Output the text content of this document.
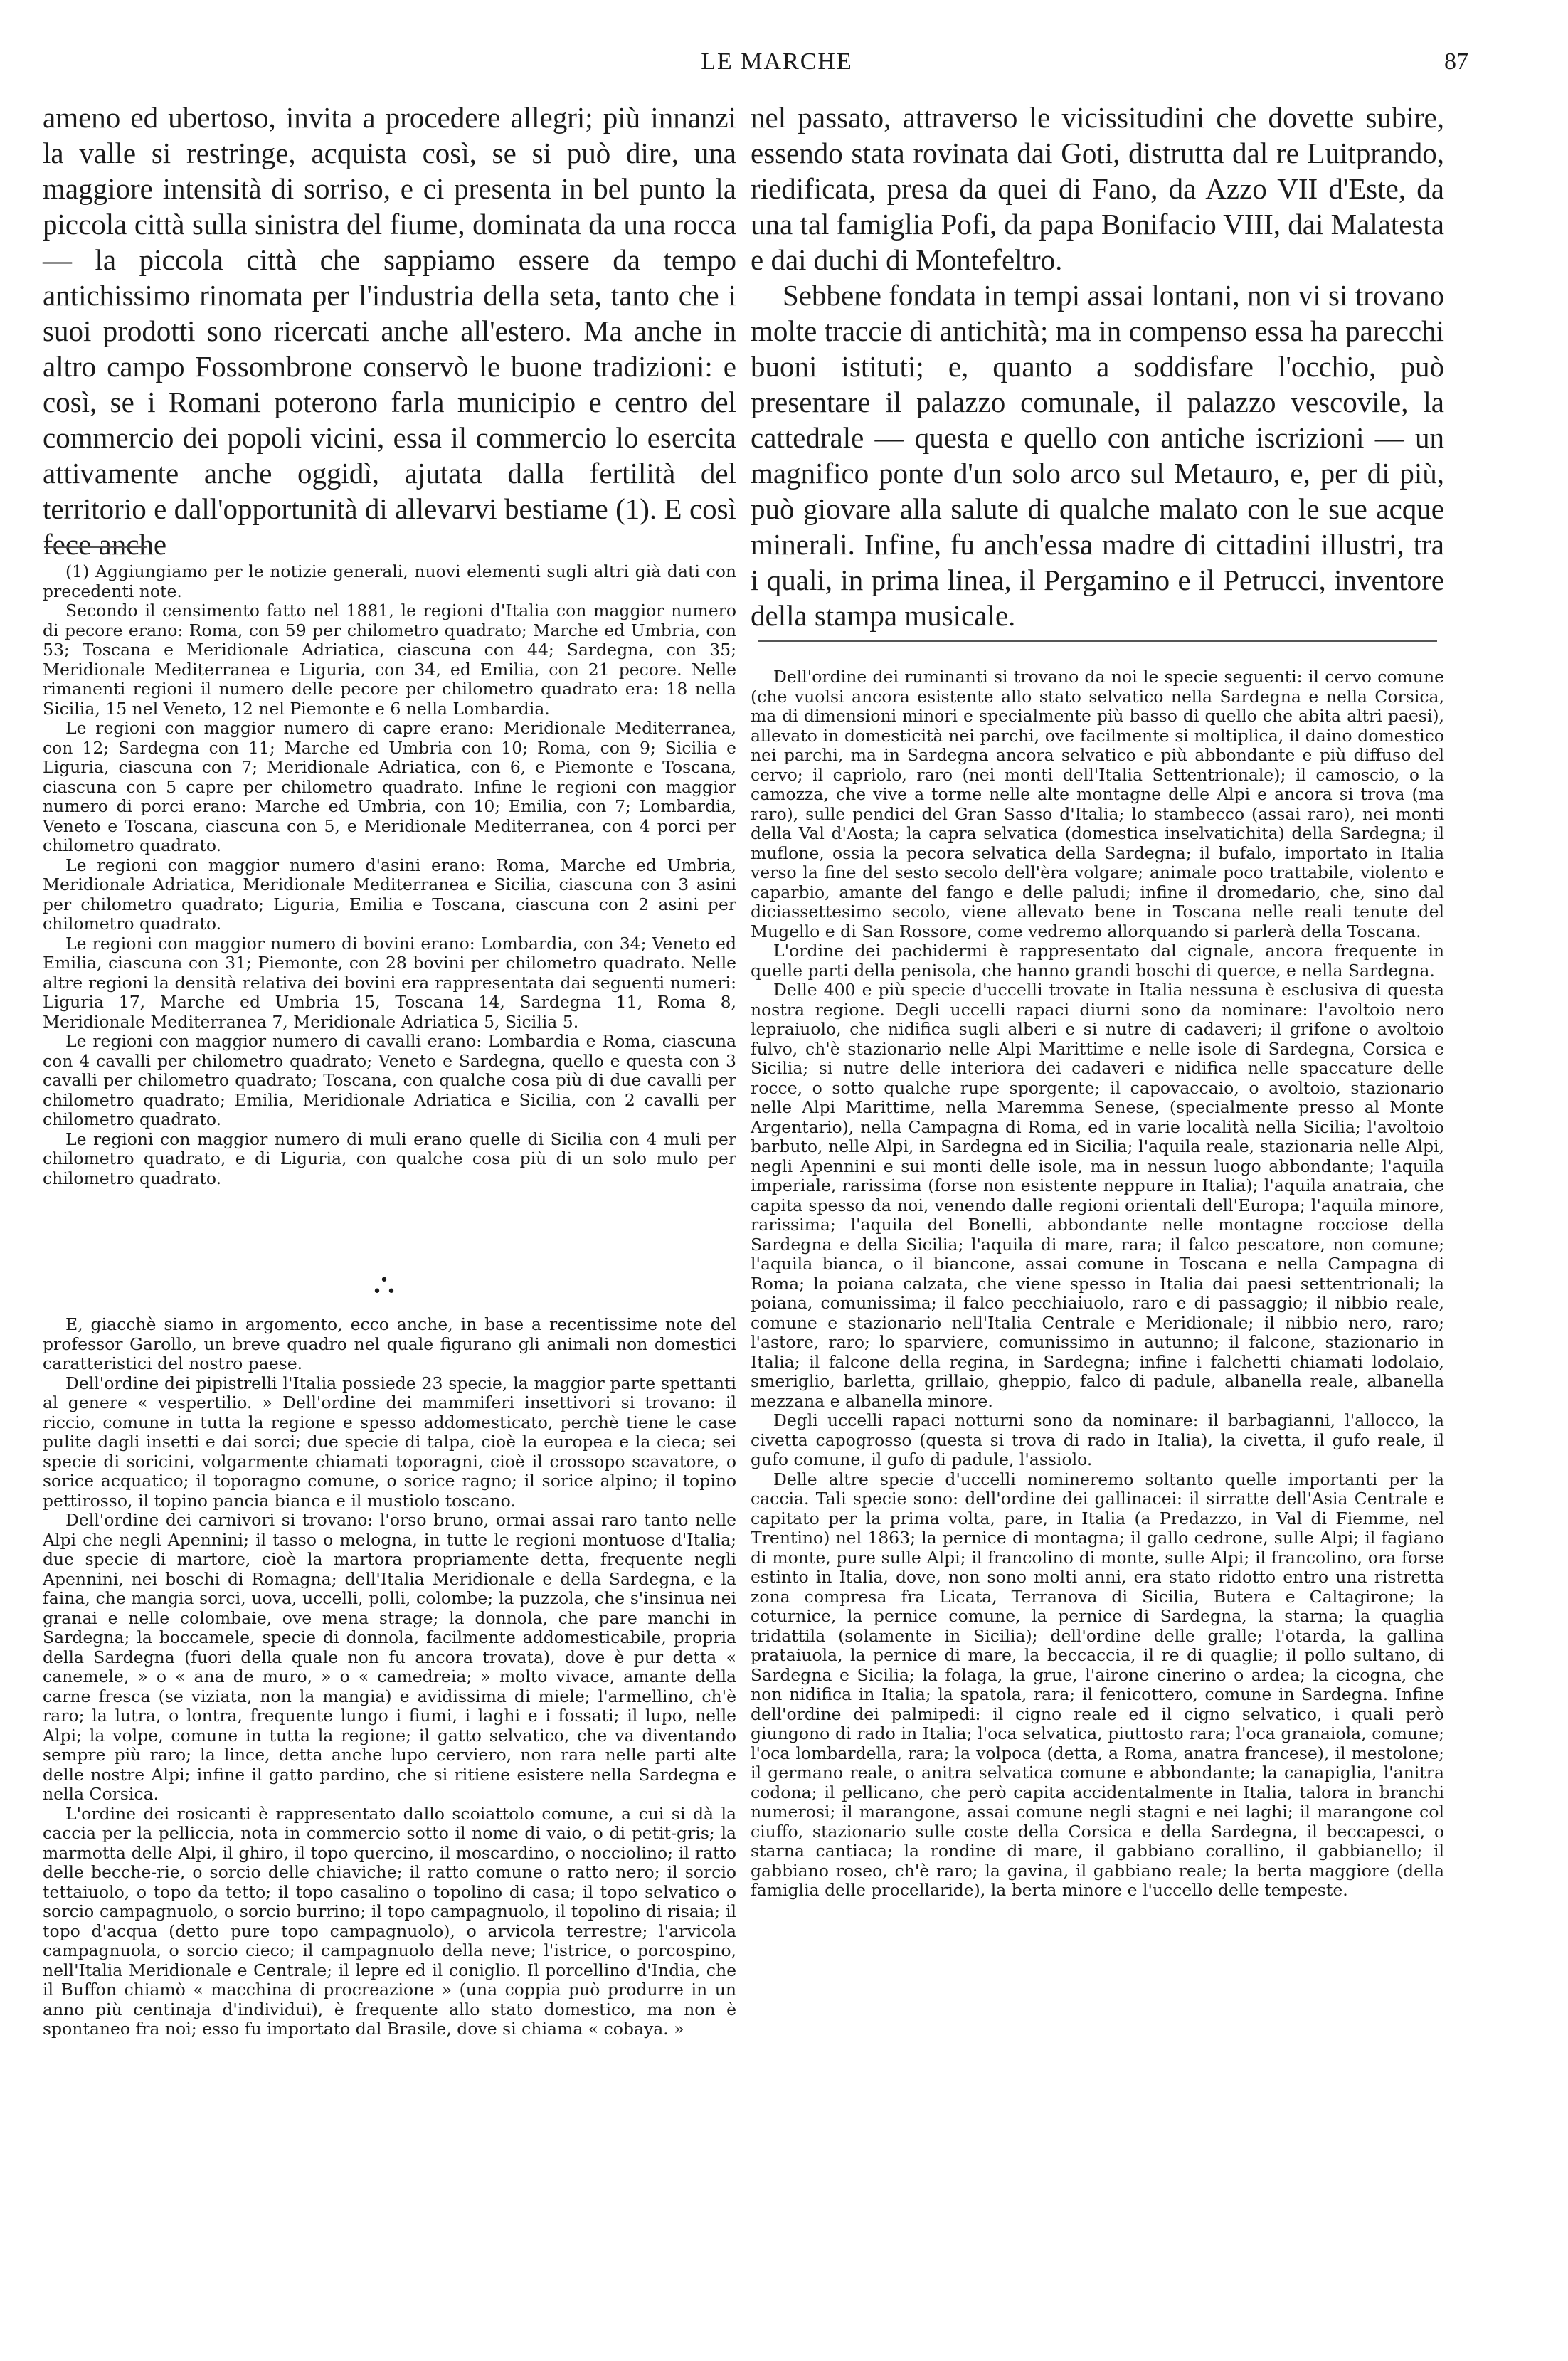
LE MARCHE	87

ameno ed ubertoso, invita a procedere allegri; più innanzi la valle si restringe, acquista così, se si può dire, una maggiore intensità di sorriso, e ci presenta in bel punto la piccola città sulla sinistra del fiume, dominata da una rocca — la piccola città che sappiamo essere da tempo antichissimo rinomata per l'industria della seta, tanto che i suoi prodotti sono ricercati anche all'estero. Ma anche in altro campo Fossombrone conservò le buone tradizioni: e così, se i Romani poterono farla municipio e centro del commercio dei popoli vicini, essa il commercio lo esercita attivamente anche oggidì, ajutata dalla fertilità del territorio e dall'opportunità di allevarvi bestiame (1). E così fece anche

(1) Aggiungiamo per le notizie generali, nuovi elementi sugli altri già dati con precedenti note.

Secondo il censimento fatto nel 1881, le regioni d'Italia con maggior numero di pecore erano: Roma, con 59 per chilometro quadrato; Marche ed Umbria, con 53; Toscana e Meridionale Adriatica, ciascuna con 44; Sardegna, con 35; Meridionale Mediterranea e Liguria, con 34, ed Emilia, con 21 pecore. Nelle rimanenti regioni il numero delle pecore per chilometro quadrato era: 18 nella Sicilia, 15 nel Veneto, 12 nel Piemonte e 6 nella Lombardia.

Le regioni con maggior numero di capre erano: Meridionale Mediterranea, con 12; Sardegna con 11; Marche ed Umbria con 10; Roma, con 9; Sicilia e Liguria, ciascuna con 7; Meridionale Adriatica, con 6, e Piemonte e Toscana, ciascuna con 5 capre per chilometro quadrato. Infine le regioni con maggior numero di porci erano: Marche ed Umbria, con 10; Emilia, con 7; Lombardia, Veneto e Toscana, ciascuna con 5, e Meridionale Mediterranea, con 4 porci per chilometro quadrato.

Le regioni con maggior numero d'asini erano: Roma, Marche ed Umbria, Meridionale Adriatica, Meridionale Mediterranea e Sicilia, ciascuna con 3 asini per chilometro quadrato; Liguria, Emilia e Toscana, ciascuna con 2 asini per chilometro quadrato.

Le regioni con maggior numero di bovini erano: Lombardia, con 34; Veneto ed Emilia, ciascuna con 31; Piemonte, con 28 bovini per chilometro quadrato. Nelle altre regioni la densità relativa dei bovini era rappresentata dai seguenti numeri: Liguria 17, Marche ed Umbria 15, Toscana 14, Sardegna 11, Roma 8, Meridionale Mediterranea 7, Meridionale Adriatica 5, Sicilia 5.

Le regioni con maggior numero di cavalli erano: Lombardia e Roma, ciascuna con 4 cavalli per chilometro quadrato; Veneto e Sardegna, quello e questa con 3 cavalli per chilometro quadrato; Toscana, con qualche cosa più di due cavalli per chilometro quadrato; Emilia, Meridionale Adriatica e Sicilia, con 2 cavalli per chilometro quadrato.

Le regioni con maggior numero di muli erano quelle di Sicilia con 4 muli per chilometro quadrato, e di Liguria, con qualche cosa più di un solo mulo per chilometro quadrato.

•
• •

E, giacchè siamo in argomento, ecco anche, in base a recentissime note del professor Garollo, un breve quadro nel quale figurano gli animali non domestici caratteristici del nostro paese.

Dell'ordine dei pipistrelli l'Italia possiede 23 specie, la maggior parte spettanti al genere « vespertilio. » Dell'ordine dei mammiferi insettivori si trovano: il riccio, comune in tutta la regione e spesso addomesticato, perchè tiene le case pulite dagli insetti e dai sorci; due specie di talpa, cioè la europea e la cieca; sei specie di soricini, volgarmente chiamati toporagni, cioè il crossopo scavatore, o sorice acquatico; il toporagno comune, o sorice ragno; il sorice alpino; il topino pettirosso, il topino pancia bianca e il mustiolo toscano.

Dell'ordine dei carnivori si trovano: l'orso bruno, ormai assai raro tanto nelle Alpi che negli Apennini; il tasso o melogna, in tutte le regioni montuose d'Italia; due specie di martore, cioè la martora propriamente detta, frequente negli Apennini, nei boschi di Romagna; dell'Italia Meridionale e della Sardegna, e la faina, che mangia sorci, uova, uccelli, polli, colombe; la puzzola, che s'insinua nei granai e nelle colombaie, ove mena strage; la donnola, che pare manchi in Sardegna; la boccamele, specie di donnola, facilmente addomesticabile, propria della Sardegna (fuori della quale non fu ancora trovata), dove è pur detta « canemele, » o « ana de muro, » o « camedreia; » molto vivace, amante della carne fresca (se viziata, non la mangia) e avidissima di miele; l'armellino, ch'è raro; la lutra, o lontra, frequente lungo i fiumi, i laghi e i fossati; il lupo, nelle Alpi; la volpe, comune in tutta la regione; il gatto selvatico, che va diventando sempre più raro; la lince, detta anche lupo cerviero, non rara nelle parti alte delle nostre Alpi; infine il gatto pardino, che si ritiene esistere nella Sardegna e nella Corsica.

L'ordine dei rosicanti è rappresentato dallo scoiattolo comune, a cui si dà la caccia per la pelliccia, nota in commercio sotto il nome di vaio, o di petit-gris; la marmotta delle Alpi, il ghiro, il topo quercino, il moscardino, o nocciolino; il ratto delle becche-rie, o sorcio delle chiaviche; il ratto comune o ratto nero; il sorcio tettaiuolo, o topo da tetto; il topo casalino o topolino di casa; il topo selvatico o sorcio campagnuolo, o sorcio burrino; il topo campagnuolo, il topolino di risaia; il topo d'acqua (detto pure topo campagnuolo), o arvicola terrestre; l'arvicola campagnuola, o sorcio cieco; il campagnuolo della neve; l'istrice, o porcospino, nell'Italia Meridionale e Centrale; il lepre ed il coniglio. Il porcellino d'India, che il Buffon chiamò « macchina di procreazione » (una coppia può produrre in un anno più centinaja d'individui), è frequente allo stato domestico, ma non è spontaneo fra noi; esso fu importato dal Brasile, dove si chiama « cobaya. »

nel passato, attraverso le vicissitudini che dovette subire, essendo stata rovinata dai Goti, distrutta dal re Luitprando, riedificata, presa da quei di Fano, da Azzo VII d'Este, da una tal famiglia Pofi, da papa Bonifacio VIII, dai Malatesta e dai duchi di Montefeltro.

Sebbene fondata in tempi assai lontani, non vi si trovano molte traccie di antichità; ma in compenso essa ha parecchi buoni istituti; e, quanto a soddisfare l'occhio, può presentare il palazzo comunale, il palazzo vescovile, la cattedrale — questa e quello con antiche iscrizioni — un magnifico ponte d'un solo arco sul Metauro, e, per di più, può giovare alla salute di qualche malato con le sue acque minerali. Infine, fu anch'essa madre di cittadini illustri, tra i quali, in prima linea, il Pergamino e il Petrucci, inventore della stampa musicale.

Dell'ordine dei ruminanti si trovano da noi le specie seguenti: il cervo comune (che vuolsi ancora esistente allo stato selvatico nella Sardegna e nella Corsica, ma di dimensioni minori e specialmente più basso di quello che abita altri paesi), allevato in domesticità nei parchi, ove facilmente si moltiplica, il daino domestico nei parchi, ma in Sardegna ancora selvatico e più abbondante e più diffuso del cervo; il capriolo, raro (nei monti dell'Italia Settentrionale); il camoscio, o la camozza, che vive a torme nelle alte montagne delle Alpi e ancora si trova (ma raro), sulle pendici del Gran Sasso d'Italia; lo stambecco (assai raro), nei monti della Val d'Aosta; la capra selvatica (domestica inselvatichita) della Sardegna; il muflone, ossia la pecora selvatica della Sardegna; il bufalo, importato in Italia verso la fine del sesto secolo dell'èra volgare; animale poco trattabile, violento e caparbio, amante del fango e delle paludi; infine il dromedario, che, sino dal diciassettesimo secolo, viene allevato bene in Toscana nelle reali tenute del Mugello e di San Rossore, come vedremo allorquando si parlerà della Toscana.

L'ordine dei pachidermi è rappresentato dal cignale, ancora frequente in quelle parti della penisola, che hanno grandi boschi di querce, e nella Sardegna.

Delle 400 e più specie d'uccelli trovate in Italia nessuna è esclusiva di questa nostra regione. Degli uccelli rapaci diurni sono da nominare: l'avoltoio nero lepraiuolo, che nidifica sugli alberi e si nutre di cadaveri; il grifone o avoltoio fulvo, ch'è stazionario nelle Alpi Marittime e nelle isole di Sardegna, Corsica e Sicilia; si nutre delle interiora dei cadaveri e nidifica nelle spaccature delle rocce, o sotto qualche rupe sporgente; il capovaccaio, o avoltoio, stazionario nelle Alpi Marittime, nella Maremma Senese, (specialmente presso al Monte Argentario), nella Campagna di Roma, ed in varie località nella Sicilia; l'avoltoio barbuto, nelle Alpi, in Sardegna ed in Sicilia; l'aquila reale, stazionaria nelle Alpi, negli Apennini e sui monti delle isole, ma in nessun luogo abbondante; l'aquila imperiale, rarissima (forse non esistente neppure in Italia); l'aquila anatraia, che capita spesso da noi, venendo dalle regioni orientali dell'Europa; l'aquila minore, rarissima; l'aquila del Bonelli, abbondante nelle montagne rocciose della Sardegna e della Sicilia; l'aquila di mare, rara; il falco pescatore, non comune; l'aquila bianca, o il biancone, assai comune in Toscana e nella Campagna di Roma; la poiana calzata, che viene spesso in Italia dai paesi settentrionali; la poiana, comunissima; il falco pecchiaiuolo, raro e di passaggio; il nibbio reale, comune e stazionario nell'Italia Centrale e Meridionale; il nibbio nero, raro; l'astore, raro; lo sparviere, comunissimo in autunno; il falcone, stazionario in Italia; il falcone della regina, in Sardegna; infine i falchetti chiamati lodolaio, smeriglio, barletta, grillaio, gheppio, falco di padule, albanella reale, albanella mezzana e albanella minore.

Degli uccelli rapaci notturni sono da nominare: il barbagianni, l'allocco, la civetta capogrosso (questa si trova di rado in Italia), la civetta, il gufo reale, il gufo comune, il gufo di padule, l'assiolo.

Delle altre specie d'uccelli nomineremo soltanto quelle importanti per la caccia. Tali specie sono: dell'ordine dei gallinacei: il sirratte dell'Asia Centrale e capitato per la prima volta, pare, in Italia (a Predazzo, in Val di Fiemme, nel Trentino) nel 1863; la pernice di montagna; il gallo cedrone, sulle Alpi; il fagiano di monte, pure sulle Alpi; il francolino di monte, sulle Alpi; il francolino, ora forse estinto in Italia, dove, non sono molti anni, era stato ridotto entro una ristretta zona compresa fra Licata, Terranova di Sicilia, Butera e Caltagirone; la coturnice, la pernice comune, la pernice di Sardegna, la starna; la quaglia tridattila (solamente in Sicilia); dell'ordine delle gralle; l'otarda, la gallina prataiuola, la pernice di mare, la beccaccia, il re di quaglie; il pollo sultano, di Sardegna e Sicilia; la folaga, la grue, l'airone cinerino o ardea; la cicogna, che non nidifica in Italia; la spatola, rara; il fenicottero, comune in Sardegna. Infine dell'ordine dei palmipedi: il cigno reale ed il cigno selvatico, i quali però giungono di rado in Italia; l'oca selvatica, piuttosto rara; l'oca granaiola, comune; l'oca lombardella, rara; la volpoca (detta, a Roma, anatra francese), il mestolone; il germano reale, o anitra selvatica comune e abbondante; la canapiglia, l'anitra codona; il pellicano, che però capita accidentalmente in Italia, talora in branchi numerosi; il marangone, assai comune negli stagni e nei laghi; il marangone col ciuffo, stazionario sulle coste della Corsica e della Sardegna, il beccapesci, o starna cantiaca; la rondine di mare, il gabbiano corallino, il gabbianello; il gabbiano roseo, ch'è raro; la gavina, il gabbiano reale; la berta maggiore (della famiglia delle procellaride), la berta minore e l'uccello delle tempeste.
